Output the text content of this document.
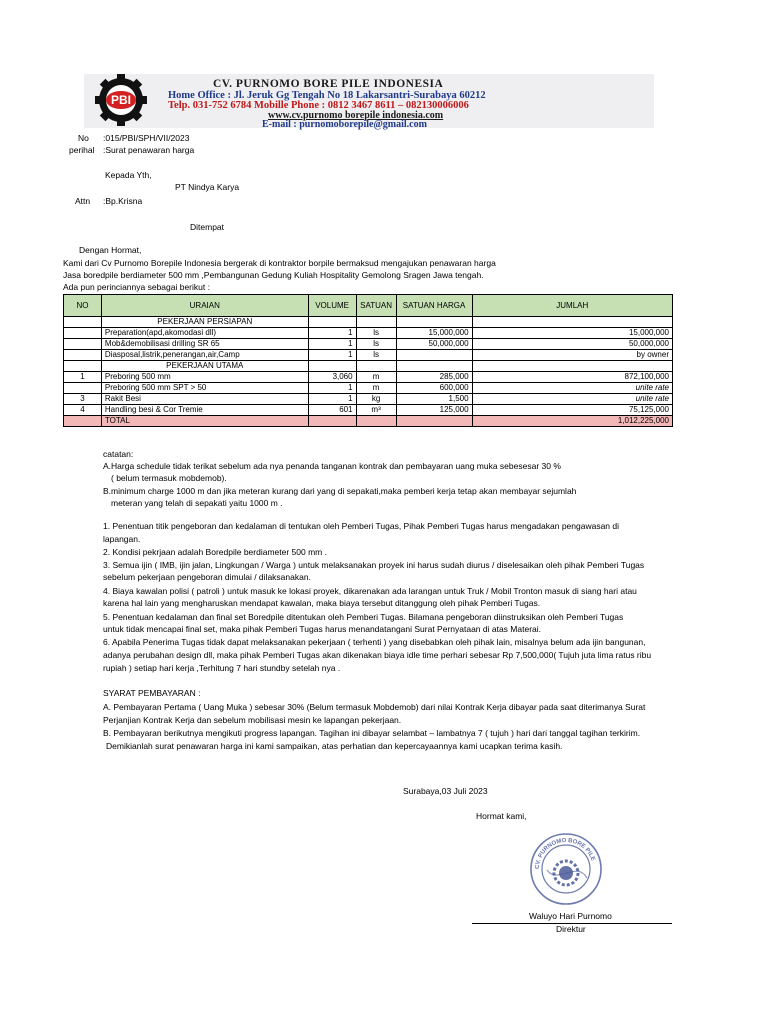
PBI
CV. PURNOMO BORE PILE INDONESIA
Home Office : Jl. Jeruk Gg Tengah No 18 Lakarsantri-Surabaya 60212
Telp. 031-752 6784 Mobille Phone : 0812 3467 8611 – 082130006006
www.cv.purnomo borepile indonesia.com
E-mail : purnomoborepile@gmail.com
No :015/PBI/SPH/VII/2023
perihal :Surat penawaran harga
Kepada Yth,
PT Nindya Karya
Attn :Bp.Krisna
Ditempat
Dengan Hormat,
Kami dari Cv Purnomo Borepile Indonesia bergerak di kontraktor borpile bermaksud mengajukan penawaran harga
Jasa boredpile berdiameter 500 mm ,Pembangunan Gedung Kuliah Hospitality Gemolong Sragen Jawa tengah.
Ada pun perinciannya sebagai berikut :
NO	URAIAN	VOLUME	SATUAN	SATUAN HARGA	JUMLAH
	PEKERJAAN PERSIAPAN				
	Preparation(apd,akomodasi dll)	1	ls	15,000,000	15,000,000
	Mob&demobilisasi drilling SR 65	1	ls	50,000,000	50,000,000
	Diasposal,listrik,penerangan,air,Camp	1	ls		by owner
	PEKERJAAN UTAMA				
1	Preboring 500 mm	3,060	m	285,000	872,100,000
	Preboring 500 mm SPT > 50	1	m	600,000	unite rate
3	Rakit Besi	1	kg	1,500	unite rate
4	Handling besi & Cor Tremie	601	m³	125,000	75,125,000
	TOTAL				1,012,225,000
catatan:
A.Harga schedule tidak terikat sebelum ada nya penanda tanganan kontrak dan pembayaran uang muka sebesesar 30 %
( belum termasuk mobdemob).
B.minimum charge 1000 m dan jika meteran kurang dari yang di sepakati,maka pemberi kerja tetap akan membayar sejumlah
meteran yang telah di sepakati yaitu 1000 m .
1. Penentuan titik pengeboran dan kedalaman di tentukan oleh Pemberi Tugas, Pihak Pemberi Tugas harus mengadakan pengawasan di
lapangan.
2. Kondisi pekrjaan adalah Boredpile berdiameter 500 mm .
3. Semua ijin ( IMB, ijin jalan, Lingkungan / Warga ) untuk melaksanakan proyek ini harus sudah diurus / diselesaikan oleh pihak Pemberi Tugas
sebelum pekerjaan pengeboran dimulai / dilaksanakan.
4. Biaya kawalan polisi ( patroli ) untuk masuk ke lokasi proyek, dikarenakan ada larangan untuk Truk / Mobil Tronton masuk di siang hari atau
karena hal lain yang mengharuskan mendapat kawalan, maka biaya tersebut ditanggung oleh pihak Pemberi Tugas.
5. Penentuan kedalaman dan final set Boredpile ditentukan oleh Pemberi Tugas. Bilamana pengeboran diinstruksikan oleh Pemberi Tugas
untuk tidak mencapai final set, maka pihak Pemberi Tugas harus menandatangani Surat Pernyataan di atas Materai.
6. Apabila Penerima Tugas tidak dapat melaksanakan pekerjaan ( terhenti ) yang disebabkan oleh pihak lain, misalnya belum ada ijin bangunan,
adanya perubahan design dll, maka pihak Pemberi Tugas akan dikenakan biaya idle time perhari sebesar Rp 7,500,000( Tujuh juta lima ratus ribu
rupiah ) setiap hari kerja ,Terhitung 7 hari stundby setelah nya .
SYARAT PEMBAYARAN :
A. Pembayaran Pertama ( Uang Muka ) sebesar 30% (Belum termasuk Mobdemob) dari nilai Kontrak Kerja dibayar pada saat diterimanya Surat
Perjanjian Kontrak Kerja dan sebelum mobilisasi mesin ke lapangan pekerjaan.
B. Pembayaran berikutnya mengikuti progress lapangan. Tagihan ini dibayar selambat – lambatnya 7 ( tujuh ) hari dari tanggal tagihan terkirim.
Demikianlah surat penawaran harga ini kami sampaikan, atas perhatian dan kepercayaannya kami ucapkan terima kasih.
Surabaya,03 Juli 2023
Hormat kami,
CV. PURNOMO BORE PILE
Waluyo Hari Purnomo
Direktur
